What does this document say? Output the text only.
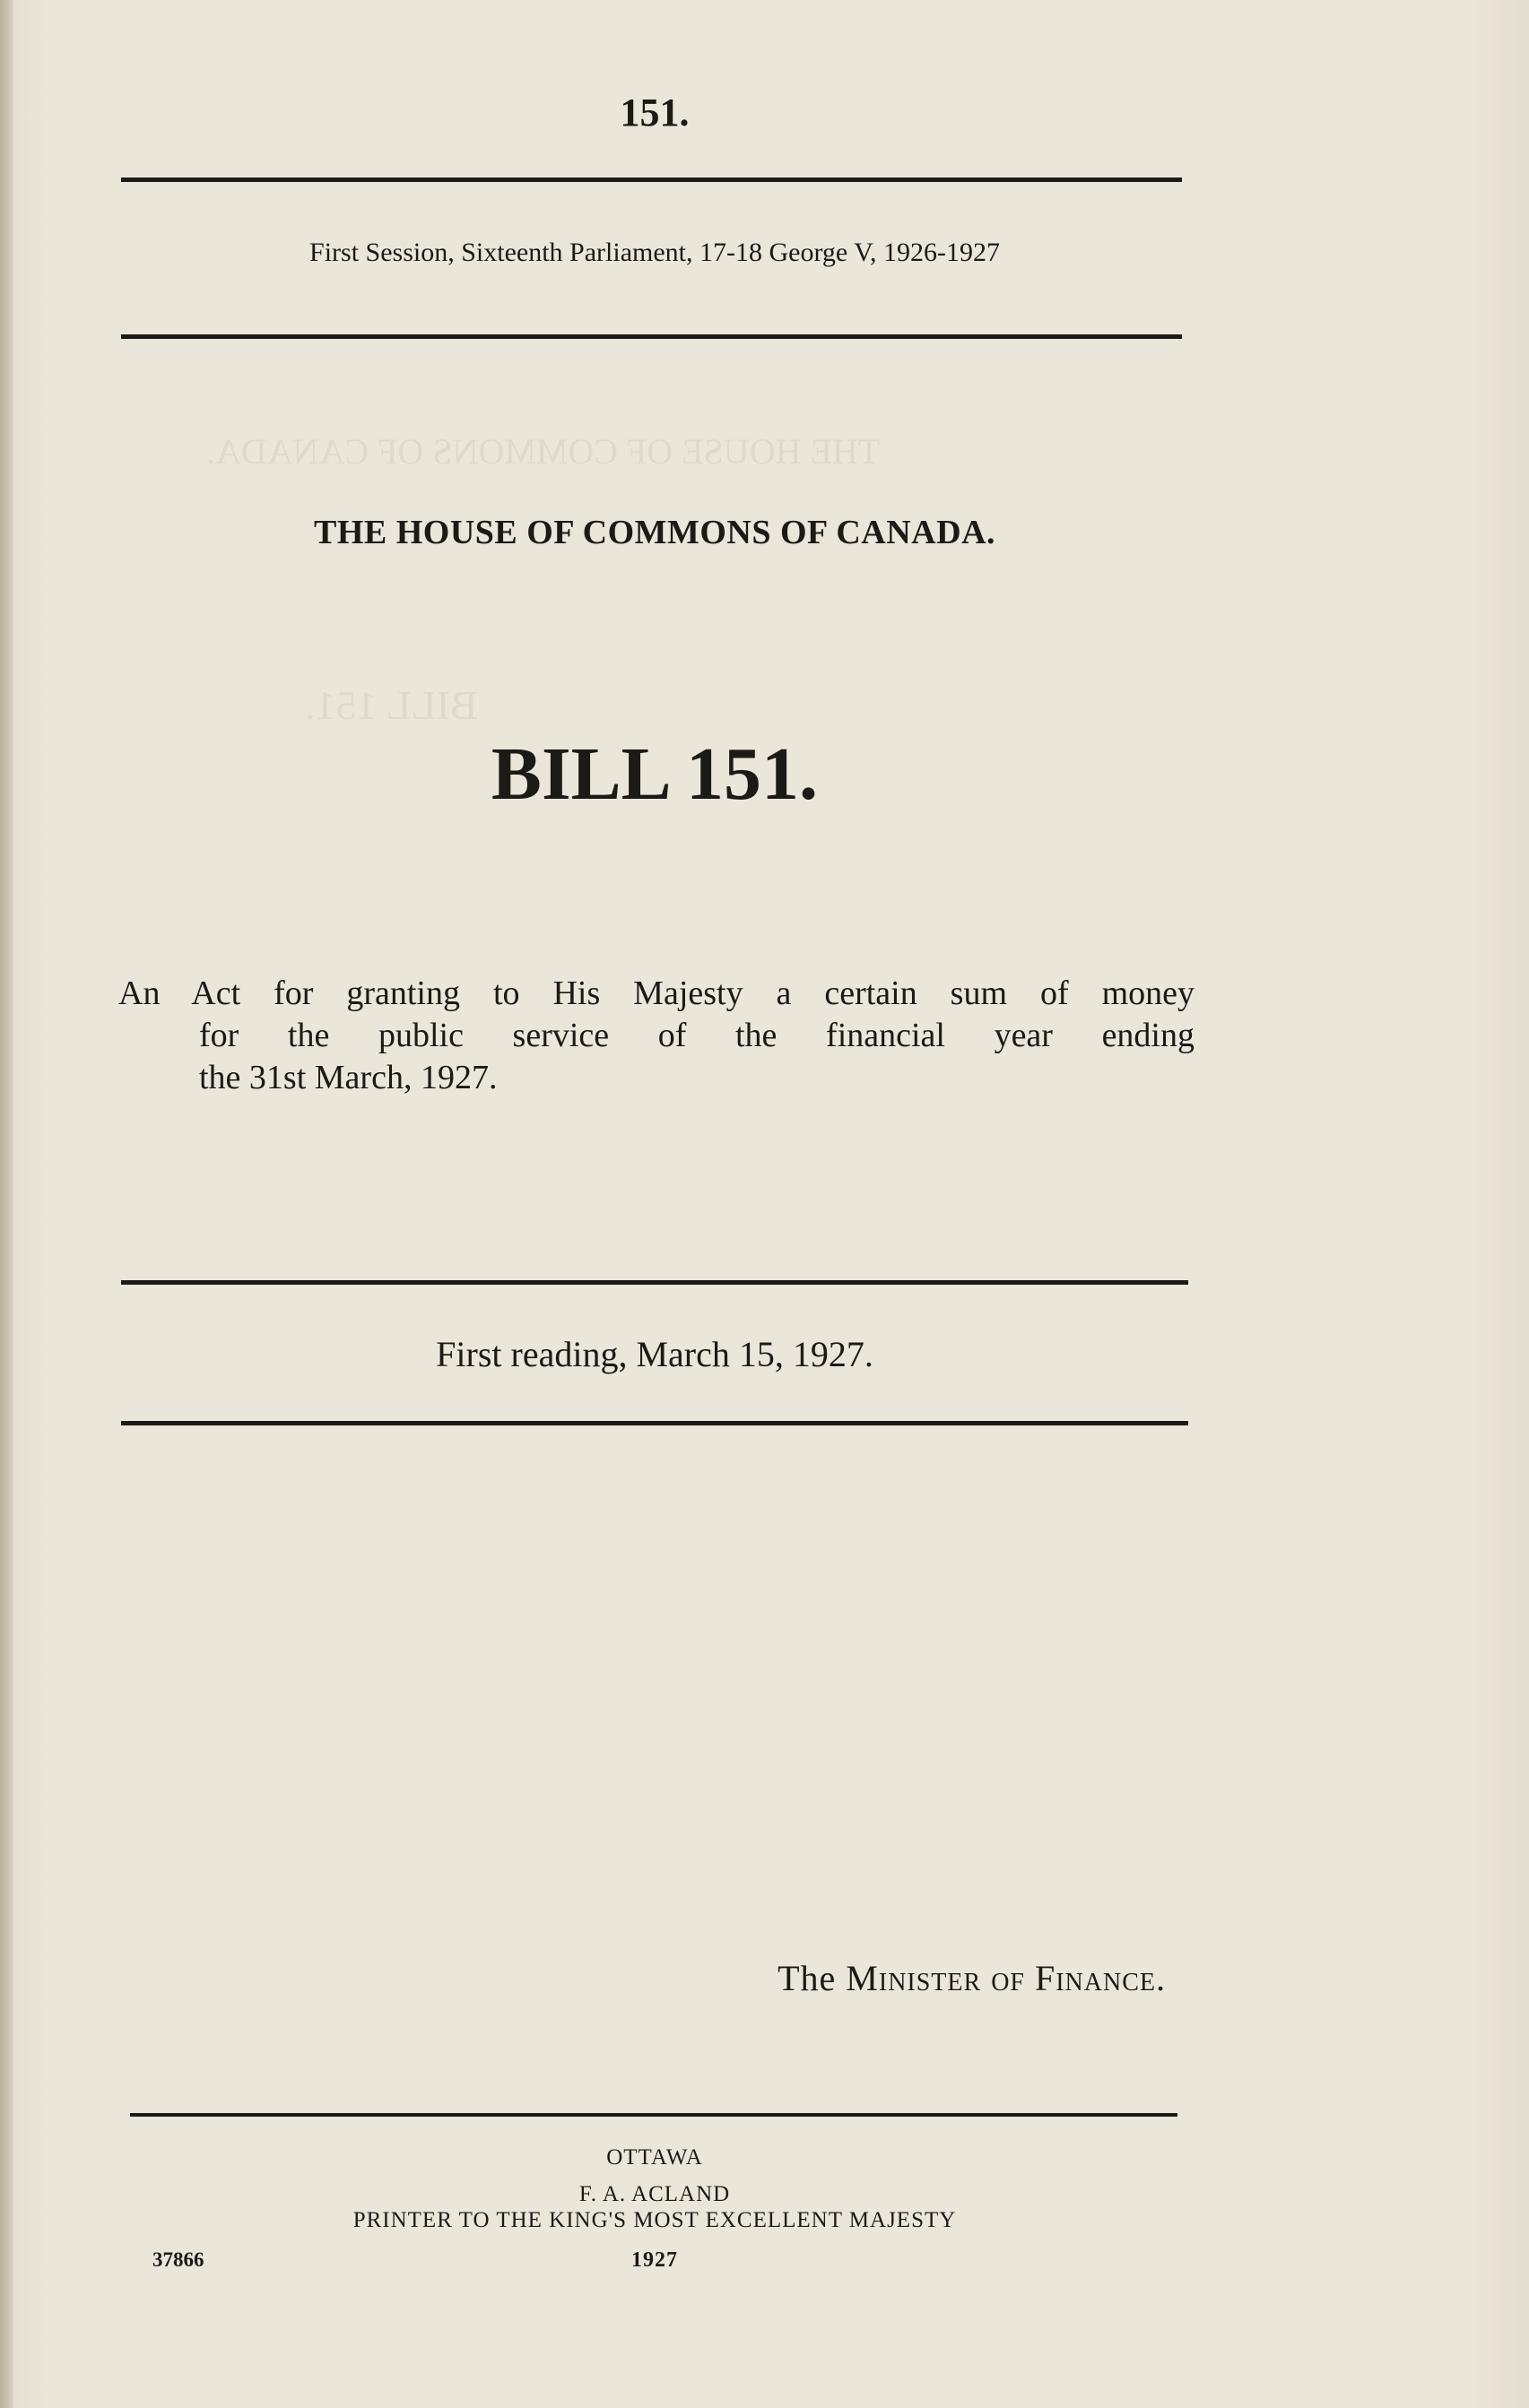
THE HOUSE OF COMMONS OF CANADA.
BILL 151.
151.
First Session, Sixteenth Parliament, 17-18 George V, 1926-1927
THE HOUSE OF COMMONS OF CANADA.
BILL 151.
An Act for granting to His Majesty a certain sum of money
for the public service of the financial year ending
the 31st March, 1927.
First reading, March 15, 1927.
The Minister of Finance.
OTTAWA
F. A. ACLAND
PRINTER TO THE KING'S MOST EXCELLENT MAJESTY
37866	1927
